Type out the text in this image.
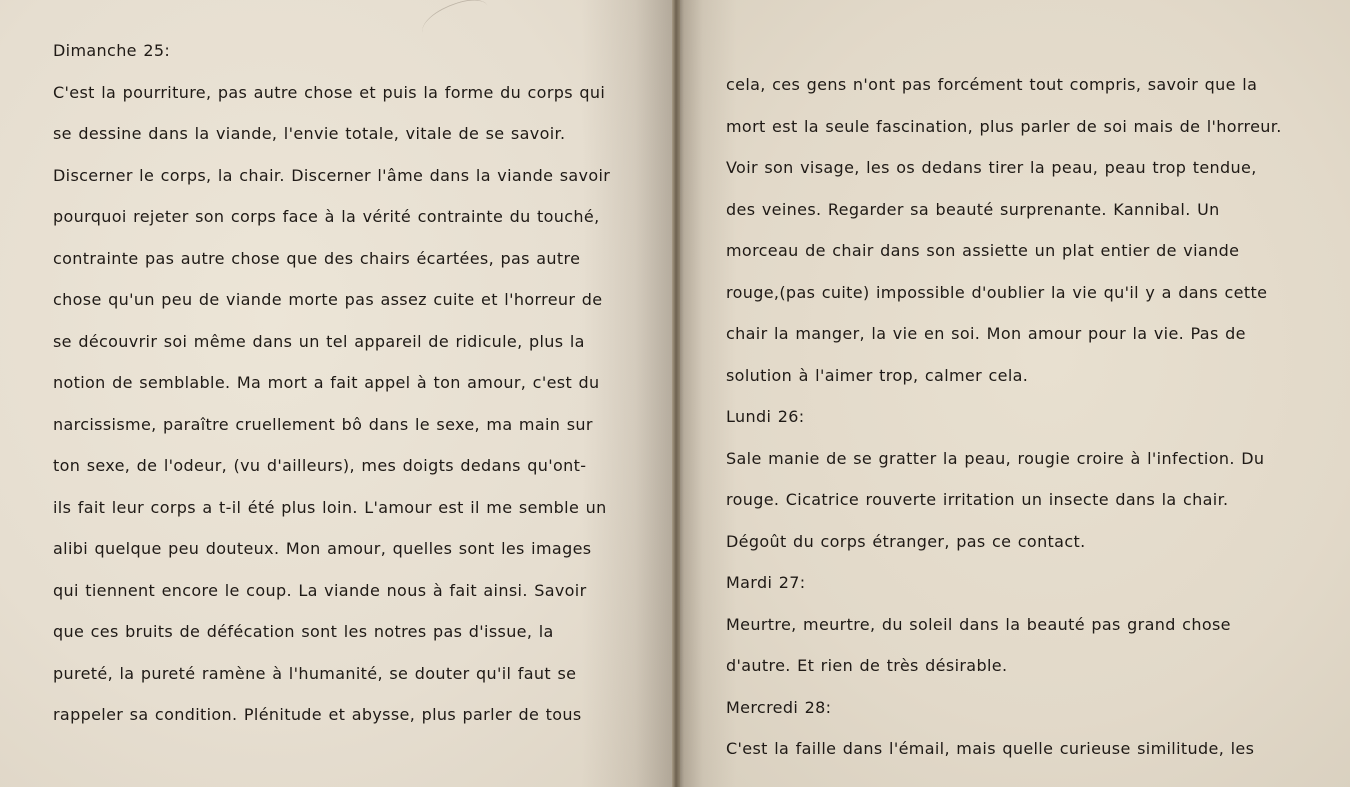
Dimanche 25:
C'est la pourriture, pas autre chose et puis la forme du corps qui
se dessine dans la viande, l'envie totale, vitale de se savoir.
Discerner le corps, la chair. Discerner l'âme dans la viande savoir
pourquoi rejeter son corps face à la vérité contrainte du touché,
contrainte pas autre chose que des chairs écartées, pas autre
chose qu'un peu de viande morte pas assez cuite et l'horreur de
se découvrir soi même dans un tel appareil de ridicule, plus la
notion de semblable. Ma mort a fait appel à ton amour, c'est du
narcissisme, paraître cruellement bô dans le sexe, ma main sur
ton sexe, de l'odeur, (vu d'ailleurs), mes doigts dedans qu'ont-
ils fait leur corps a t-il été plus loin. L'amour est il me semble un
alibi quelque peu douteux. Mon amour, quelles sont les images
qui tiennent encore le coup. La viande nous à fait ainsi. Savoir
que ces bruits de défécation sont les notres pas d'issue, la
pureté, la pureté ramène à l'humanité, se douter qu'il faut se
rappeler sa condition. Plénitude et abysse, plus parler de tous
cela, ces gens n'ont pas forcément tout compris, savoir que la
mort est la seule fascination, plus parler de soi mais de l'horreur.
Voir son visage, les os dedans tirer la peau, peau trop tendue,
des veines. Regarder sa beauté surprenante. Kannibal. Un
morceau de chair dans son assiette un plat entier de viande
rouge,(pas cuite) impossible d'oublier la vie qu'il y a dans cette
chair la manger, la vie en soi. Mon amour pour la vie. Pas de
solution à l'aimer trop, calmer cela.
Lundi 26:
Sale manie de se gratter la peau, rougie croire à l'infection. Du
rouge. Cicatrice rouverte irritation un insecte dans la chair.
Dégoût du corps étranger, pas ce contact.
Mardi 27:
Meurtre, meurtre, du soleil dans la beauté pas grand chose
d'autre. Et rien de très désirable.
Mercredi 28:
C'est la faille dans l'émail, mais quelle curieuse similitude, les
